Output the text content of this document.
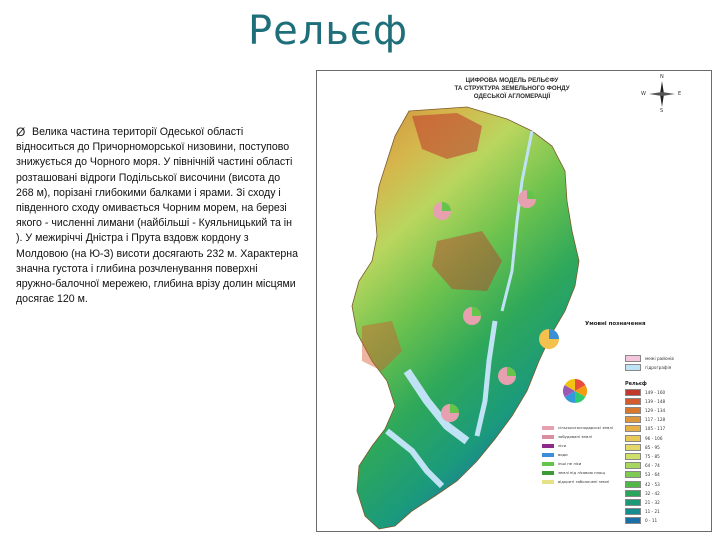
Рельєф
Ø Велика частина території Одеської області відноситься до Причорноморської низовини, поступово знижується до Чорного моря. У північній частині області розташовані відроги Подільської височини (висота до 268 м), порізані глибокими балками і ярами. Зі сходу і південного сходу омивається Чорним морем, на березі якого - численні лимани (найбільші - Куяльницький та ін ). У межиріччі Дністра і Прута вздовж кордону з Молдовою (на Ю-З) висоти досягають 232 м. Характерна значна густота і глибина розчленування поверхні яружно-балочної мережею, глибина врізу долин місцями досягає 120 м.

ЦИФРОВА МОДЕЛЬ РЕЛЬЄФУ
ТА СТРУКТУРА ЗЕМЕЛЬНОГО ФОНДУ
ОДЕСЬКОЇ АГЛОМЕРАЦІЇ
N
S
E
W
Умовні позначення
межі районів
гідрографія
Рельєф
149 - 160
139 - 148
129 - 134
117 - 128
105 - 117
96 - 106
85 - 95
75 - 85
64 - 74
53 - 64
42 - 53
32 - 42
21 - 32
11 - 21
0 - 11
сільськогосподарські землі
забудовані землі
ліси
води
інші не ліси
землі під лісовою площ
відкриті заболочені землі
